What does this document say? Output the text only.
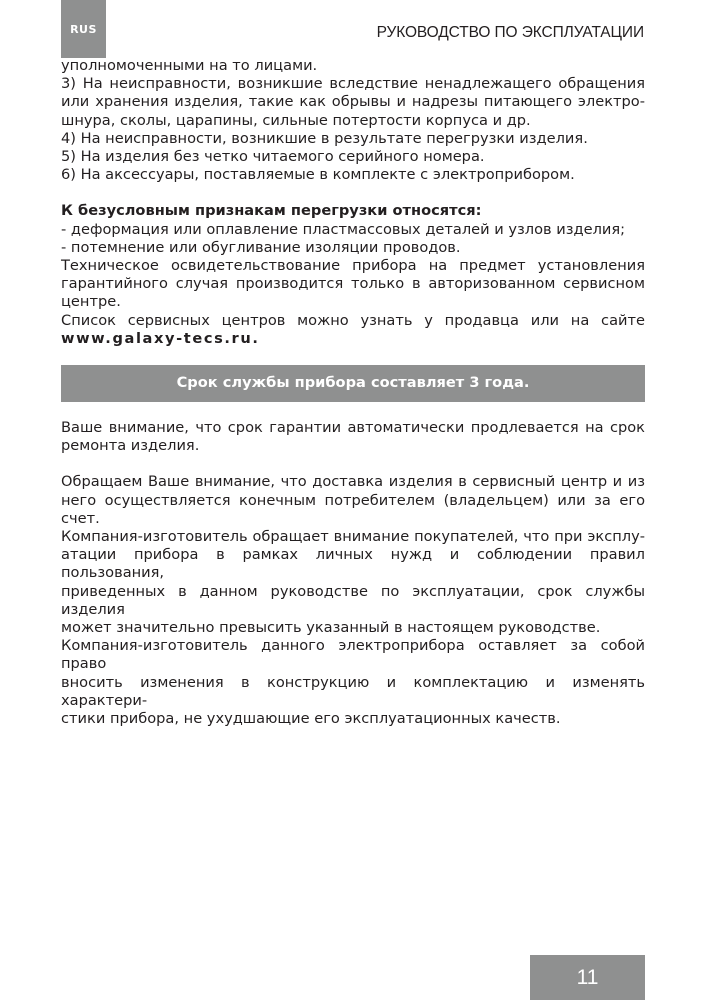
RUS	РУКОВОДСТВО ПО ЭКСПЛУАТАЦИИ
уполномоченными на то лицами.
3) На неисправности, возникшие вследствие ненадлежащего обращения
или хранения изделия, такие как обрывы и надрезы питающего электро-
шнура, сколы, царапины, сильные потертости корпуса и др.
4) На неисправности, возникшие в результате перегрузки изделия.
5) На изделия без четко читаемого серийного номера.
6) На аксессуары, поставляемые в комплекте с электроприбором.
К безусловным признакам перегрузки относятся:
- деформация или оплавление пластмассовых деталей и узлов изделия;
- потемнение или обугливание изоляции проводов.
Техническое освидетельствование прибора на предмет установления
гарантийного случая производится только в авторизованном сервисном
центре.
Список сервисных центров можно узнать у продавца или на сайте
www.galaxy-tecs.ru.
Срок службы прибора составляет 3 года.
Ваше внимание, что срок гарантии автоматически продлевается на срок
ремонта изделия.
Обращаем Ваше внимание, что доставка изделия в сервисный центр и из
него осуществляется конечным потребителем (владельцем) или за его счет.
Компания-изготовитель обращает внимание покупателей, что при эксплу-
атации прибора в рамках личных нужд и соблюдении правил пользования,
приведенных в данном руководстве по эксплуатации, срок службы изделия
может значительно превысить указанный в настоящем руководстве.
Компания-изготовитель данного электроприбора оставляет за собой право
вносить изменения в конструкцию и комплектацию и изменять характери-
стики прибора, не ухудшающие его эксплуатационных качеств.
11
